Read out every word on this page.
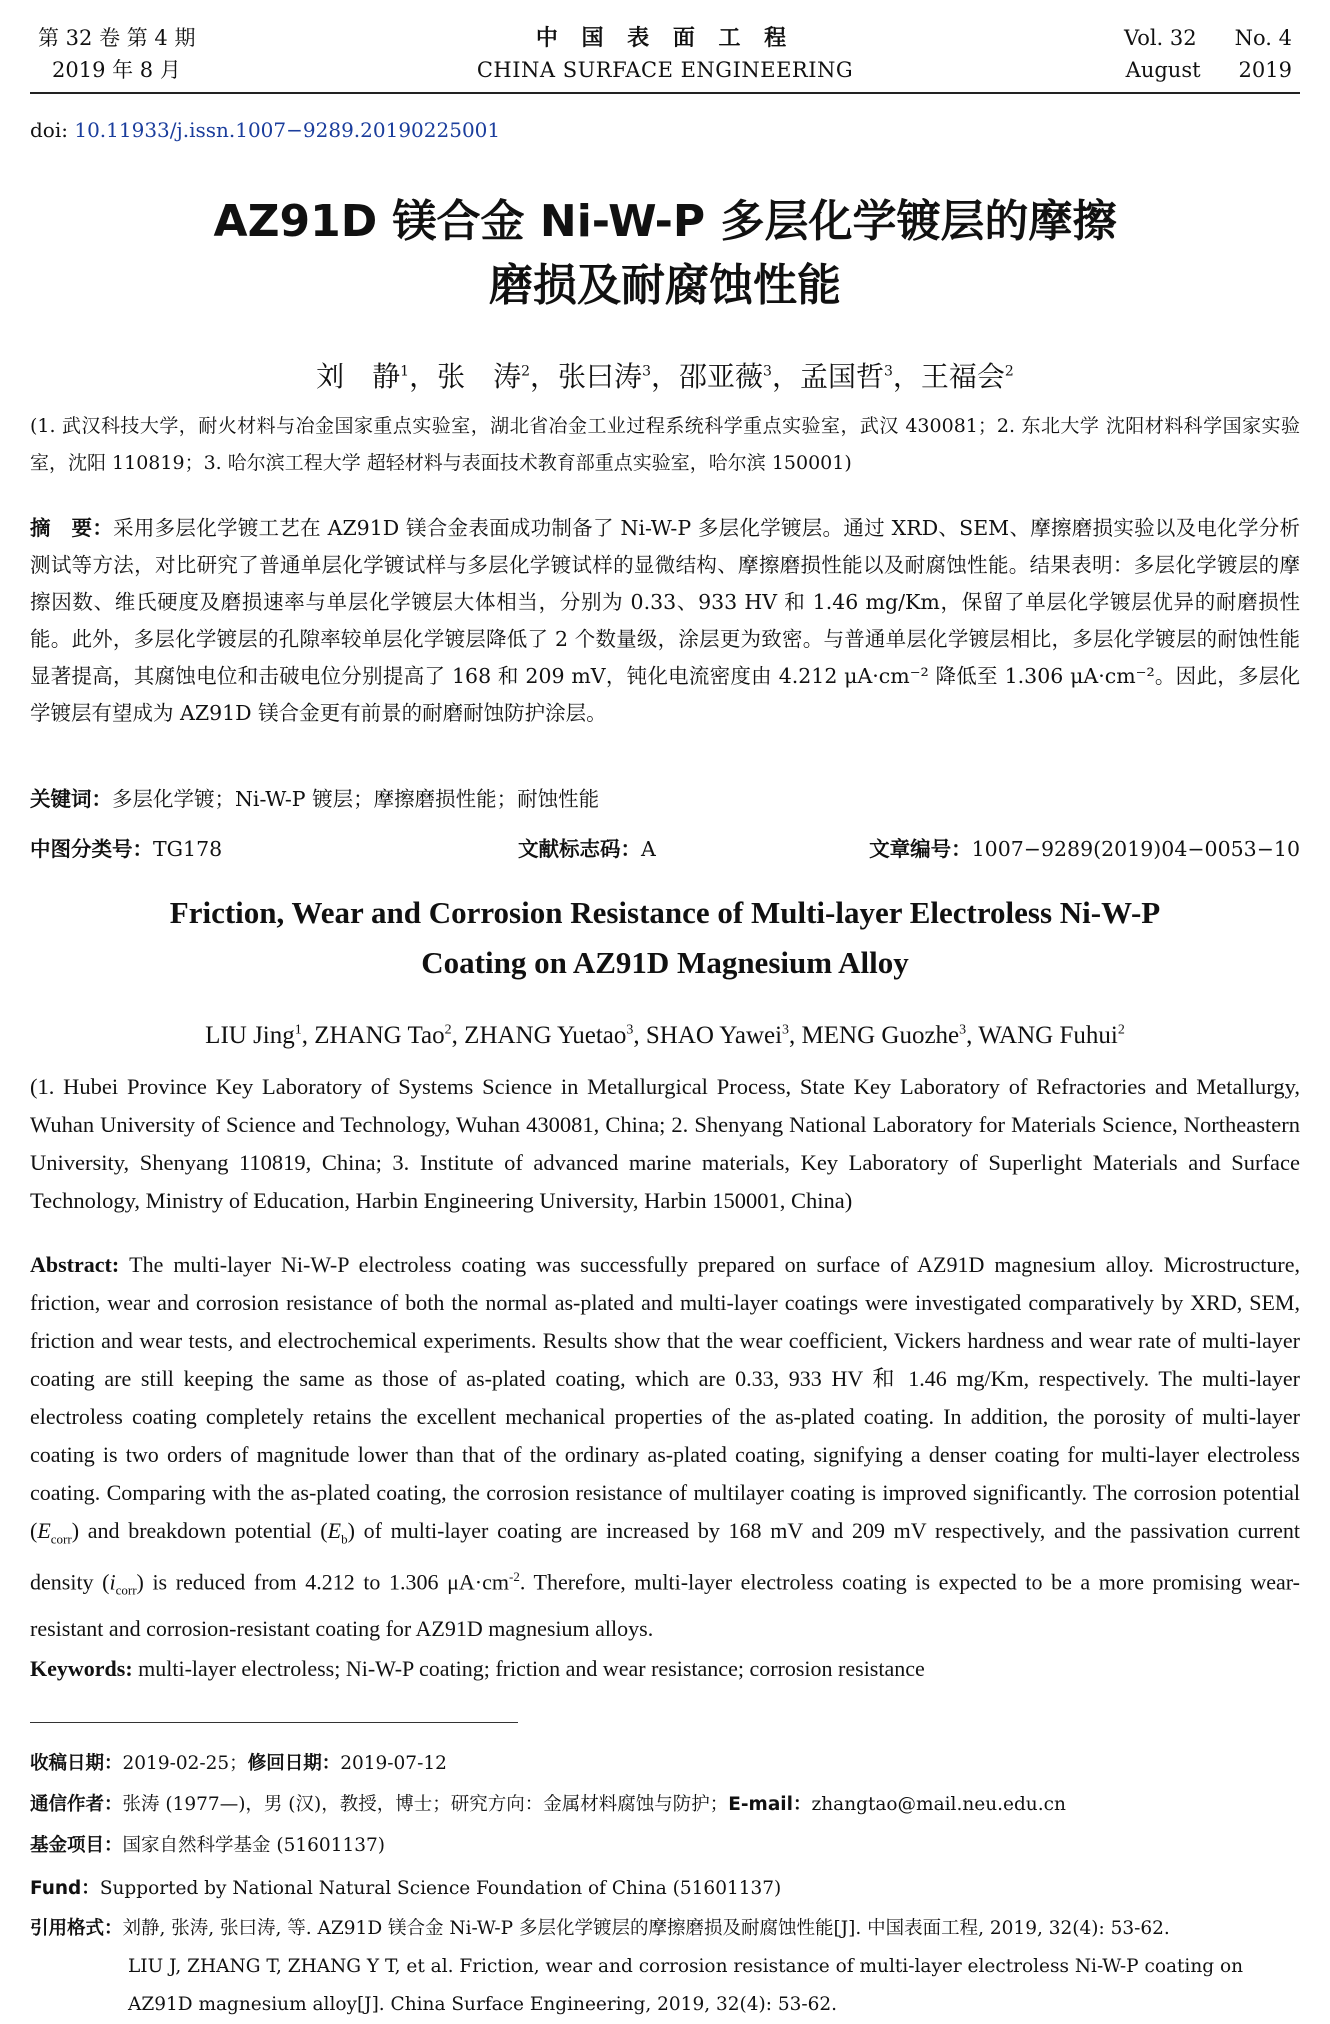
第 32 卷 第 4 期
2019 年 8 月
中 国 表 面 工 程
CHINA SURFACE ENGINEERING
Vol. 32 No. 4
August 2019
doi: 10.11933/j.issn.1007−9289.20190225001
AZ91D 镁合金 Ni-W-P 多层化学镀层的摩擦
磨损及耐腐蚀性能
刘　静$^1$，张　涛$^2$，张曰涛$^3$，邵亚薇$^3$，孟国哲$^3$，王福会$^2$
(1. 武汉科技大学，耐火材料与冶金国家重点实验室，湖北省冶金工业过程系统科学重点实验室，武汉 430081；2. 东北大学 沈阳材料科学国家实验室，沈阳 110819；3. 哈尔滨工程大学 超轻材料与表面技术教育部重点实验室，哈尔滨 150001)
摘　要：采用多层化学镀工艺在 AZ91D 镁合金表面成功制备了 Ni-W-P 多层化学镀层。通过 XRD、SEM、摩擦磨损实验以及电化学分析测试等方法，对比研究了普通单层化学镀试样与多层化学镀试样的显微结构、摩擦磨损性能以及耐腐蚀性能。结果表明：多层化学镀层的摩擦因数、维氏硬度及磨损速率与单层化学镀层大体相当，分别为 0.33、933 HV 和 1.46 mg/Km，保留了单层化学镀层优异的耐磨损性能。此外，多层化学镀层的孔隙率较单层化学镀层降低了 2 个数量级，涂层更为致密。与普通单层化学镀层相比，多层化学镀层的耐蚀性能显著提高，其腐蚀电位和击破电位分别提高了 168 和 209 mV，钝化电流密度由 4.212 μA·cm⁻² 降低至 1.306 μA·cm⁻²。因此，多层化学镀层有望成为 AZ91D 镁合金更有前景的耐磨耐蚀防护涂层。
关键词：多层化学镀；Ni-W-P 镀层；摩擦磨损性能；耐蚀性能
中图分类号：TG178	文献标志码：A	文章编号：1007−9289(2019)04−0053−10
Friction, Wear and Corrosion Resistance of Multi-layer Electroless Ni-W-P
Coating on AZ91D Magnesium Alloy
LIU Jing$^1$, ZHANG Tao$^2$, ZHANG Yuetao$^3$, SHAO Yawei$^3$, MENG Guozhe$^3$, WANG Fuhui$^2$
(1. Hubei Province Key Laboratory of Systems Science in Metallurgical Process, State Key Laboratory of Refractories and Metallurgy, Wuhan University of Science and Technology, Wuhan 430081, China; 2. Shenyang National Laboratory for Materials Science, Northeastern University, Shenyang 110819, China; 3. Institute of advanced marine materials, Key Laboratory of Superlight Materials and Surface Technology, Ministry of Education, Harbin Engineering University, Harbin 150001, China)
Abstract: The multi-layer Ni-W-P electroless coating was successfully prepared on surface of AZ91D magnesium alloy. Microstructure, friction, wear and corrosion resistance of both the normal as-plated and multi-layer coatings were investigated comparatively by XRD, SEM, friction and wear tests, and electrochemical experiments. Results show that the wear coefficient, Vickers hardness and wear rate of multi-layer coating are still keeping the same as those of as-plated coating, which are 0.33, 933 HV 和 1.46 mg/Km, respectively. The multi-layer electroless coating completely retains the excellent mechanical properties of the as-plated coating. In addition, the porosity of multi-layer coating is two orders of magnitude lower than that of the ordinary as-plated coating, signifying a denser coating for multi-layer electroless coating. Comparing with the as-plated coating, the corrosion resistance of multilayer coating is improved significantly. The corrosion potential $(E_{corr})$ and breakdown potential $(E_b)$ of multi-layer coating are increased by 168 mV and 209 mV respectively, and the passivation current density $(i_{corr})$ is reduced from 4.212 to 1.306 $\mu A\cdot cm^{-2}$. Therefore, multi-layer electroless coating is expected to be a more promising wear-resistant and corrosion-resistant coating for AZ91D magnesium alloys.
Keywords: multi-layer electroless; Ni-W-P coating; friction and wear resistance; corrosion resistance
收稿日期：2019-02-25；修回日期：2019-07-12
通信作者：张涛 (1977—)，男 (汉)，教授，博士；研究方向：金属材料腐蚀与防护；E-mail：zhangtao@mail.neu.edu.cn
基金项目：国家自然科学基金 (51601137)
Fund：Supported by National Natural Science Foundation of China (51601137)
引用格式：刘静, 张涛, 张曰涛, 等. AZ91D 镁合金 Ni-W-P 多层化学镀层的摩擦磨损及耐腐蚀性能[J]. 中国表面工程, 2019, 32(4): 53-62.
LIU J, ZHANG T, ZHANG Y T, et al. Friction, wear and corrosion resistance of multi-layer electroless Ni-W-P coating on AZ91D magnesium alloy[J]. China Surface Engineering, 2019, 32(4): 53-62.
